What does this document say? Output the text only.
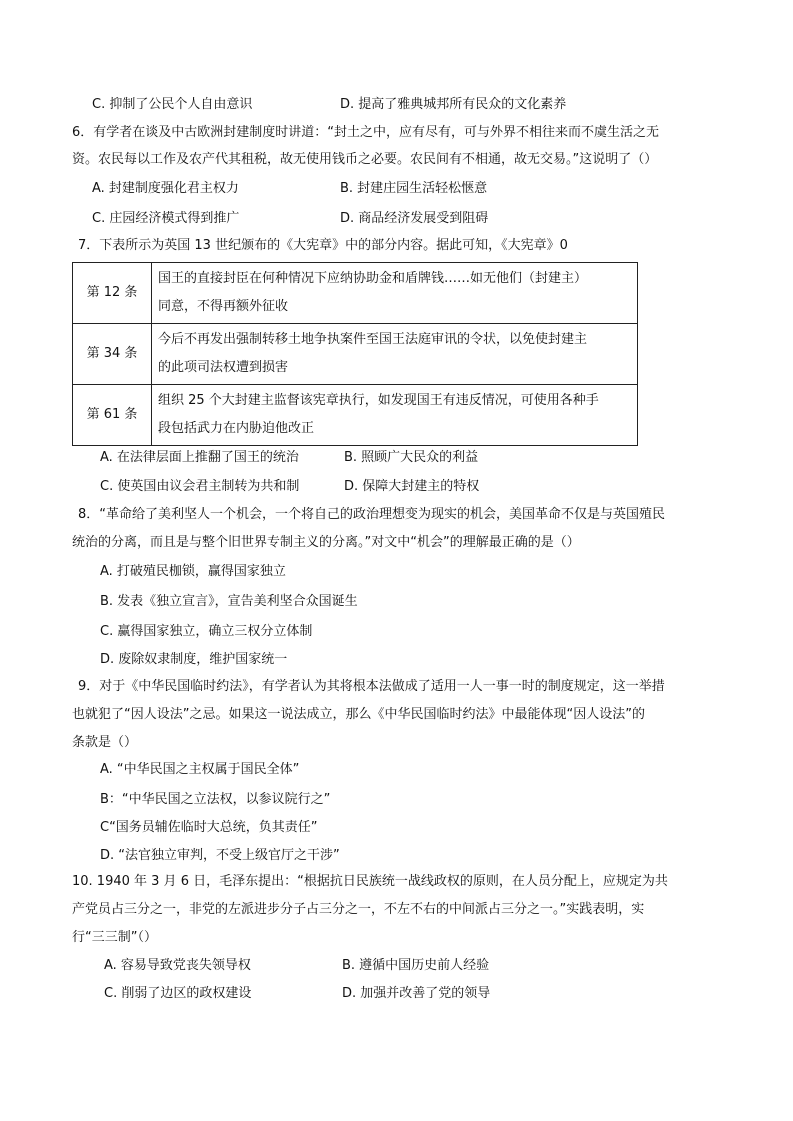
C. 抑制了公民个人自由意识	D. 提高了雅典城邦所有民众的文化素养
6．有学者在谈及中古欧洲封建制度时讲道：“封土之中，应有尽有，可与外界不相往来而不虞生活之无
资。农民每以工作及农产代其租税，故无使用钱币之必要。农民间有不相通，故无交易。”这说明了（）
A. 封建制度强化君主权力	B. 封建庄园生活轻松惬意
C. 庄园经济模式得到推广	D. 商品经济发展受到阻碍
7．下表所示为英国 13 世纪颁布的《大宪章》中的部分内容。据此可知，《大宪章》0
第 12 条	国王的直接封臣在何种情况下应纳协助金和盾牌钱……如无他们（封建主）
同意，不得再额外征收

第 34 条	今后不再发出强制转移土地争执案件至国王法庭审讯的令状，以免使封建主
的此项司法权遭到损害

第 61 条	组织 25 个大封建主监督该宪章执行，如发现国王有违反情况，可使用各种手
段包括武力在内胁迫他改正
A. 在法律层面上推翻了国王的统治	B. 照顾广大民众的利益
C. 使英国由议会君主制转为共和制	D. 保障大封建主的特权
8．“革命给了美利坚人一个机会，一个将自己的政治理想变为现实的机会，美国革命不仅是与英国殖民
统治的分离，而且是与整个旧世界专制主义的分离。”对文中“机会”的理解最正确的是（）
A. 打破殖民枷锁，赢得国家独立
B. 发表《独立宣言》，宣告美利坚合众国诞生
C. 赢得国家独立，确立三权分立体制
D. 废除奴隶制度，维护国家统一
9．对于《中华民国临时约法》，有学者认为其将根本法做成了适用一人一事一时的制度规定，这一举措
也就犯了“因人设法”之忌。如果这一说法成立，那么《中华民国临时约法》中最能体现“因人设法”的
条款是（）
A. “中华民国之主权属于国民全体”
B：“中华民国之立法权，以参议院行之”
C“国务员辅佐临时大总统，负其责任”
D. “法官独立审判，不受上级官厅之干涉”
10. 1940 年 3 月 6 日，毛泽东提出：“根据抗日民族统一战线政权的原则，在人员分配上，应规定为共
产党员占三分之一，非党的左派进步分子占三分之一，不左不右的中间派占三分之一。”实践表明，实
行“三三制”（）
A. 容易导致党丧失领导权	B. 遵循中国历史前人经验
C. 削弱了边区的政权建设	D. 加强并改善了党的领导
